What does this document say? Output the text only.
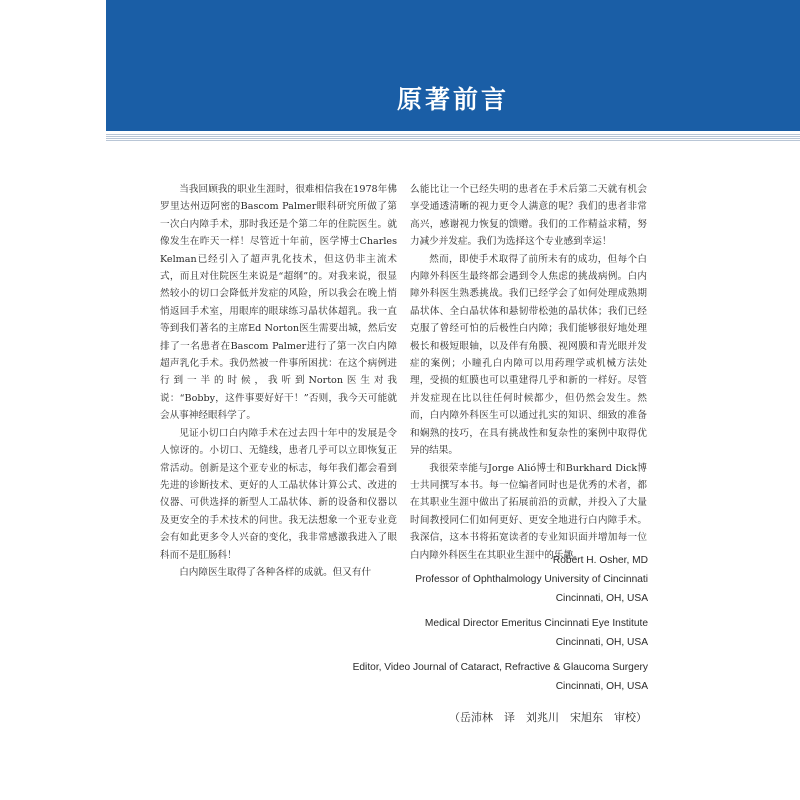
原著前言

当我回顾我的职业生涯时，很难相信我在1978年佛罗里达州迈阿密的Bascom Palmer眼科研究所做了第一次白内障手术，那时我还是个第二年的住院医生。就像发生在昨天一样！尽管近十年前，医学博士Charles Kelman已经引入了超声乳化技术，但这仍非主流术式，而且对住院医生来说是“超纲”的。对我来说，很显然较小的切口会降低并发症的风险，所以我会在晚上悄悄返回手术室，用眼库的眼球练习晶状体超乳。我一直等到我们著名的主席Ed Norton医生需要出城，然后安排了一名患者在Bascom Palmer进行了第一次白内障超声乳化手术。我仍然被一件事所困扰：在这个病例进行到一半的时候，我听到Norton医生对我说：“Bobby，这件事要好好干！”否则，我今天可能就会从事神经眼科学了。

见证小切口白内障手术在过去四十年中的发展是令人惊讶的。小切口、无缝线，患者几乎可以立即恢复正常活动。创新是这个亚专业的标志，每年我们都会看到先进的诊断技术、更好的人工晶状体计算公式、改进的仪器、可供选择的新型人工晶状体、新的设备和仪器以及更安全的手术技术的问世。我无法想象一个亚专业竟会有如此更多令人兴奋的变化，我非常感激我进入了眼科而不是肛肠科！

白内障医生取得了各种各样的成就。但又有什

么能比让一个已经失明的患者在手术后第二天就有机会享受通透清晰的视力更令人满意的呢？我们的患者非常高兴，感谢视力恢复的馈赠。我们的工作精益求精，努力减少并发症。我们为选择这个专业感到幸运！

然而，即使手术取得了前所未有的成功，但每个白内障外科医生最终都会遇到令人焦虑的挑战病例。白内障外科医生熟悉挑战。我们已经学会了如何处理成熟期晶状体、全白晶状体和悬韧带松弛的晶状体；我们已经克服了曾经可怕的后极性白内障；我们能够很好地处理极长和极短眼轴，以及伴有角膜、视网膜和青光眼并发症的案例；小瞳孔白内障可以用药理学或机械方法处理，受损的虹膜也可以重建得几乎和新的一样好。尽管并发症现在比以往任何时候都少，但仍然会发生。然而，白内障外科医生可以通过扎实的知识、细致的准备和娴熟的技巧，在具有挑战性和复杂性的案例中取得优异的结果。

我很荣幸能与Jorge Alió博士和Burkhard Dick博士共同撰写本书。每一位编者同时也是优秀的术者，都在其职业生涯中做出了拓展前沿的贡献，并投入了大量时间教授同仁们如何更好、更安全地进行白内障手术。我深信，这本书将拓宽读者的专业知识面并增加每一位白内障外科医生在其职业生涯中的乐趣。

Robert H. Osher, MD
Professor of Ophthalmology University of Cincinnati
Cincinnati, OH, USA
Medical Director Emeritus Cincinnati Eye Institute
Cincinnati, OH, USA
Editor, Video Journal of Cataract, Refractive & Glaucoma Surgery
Cincinnati, OH, USA
（岳沛林　译　刘兆川　宋旭东　审校）
